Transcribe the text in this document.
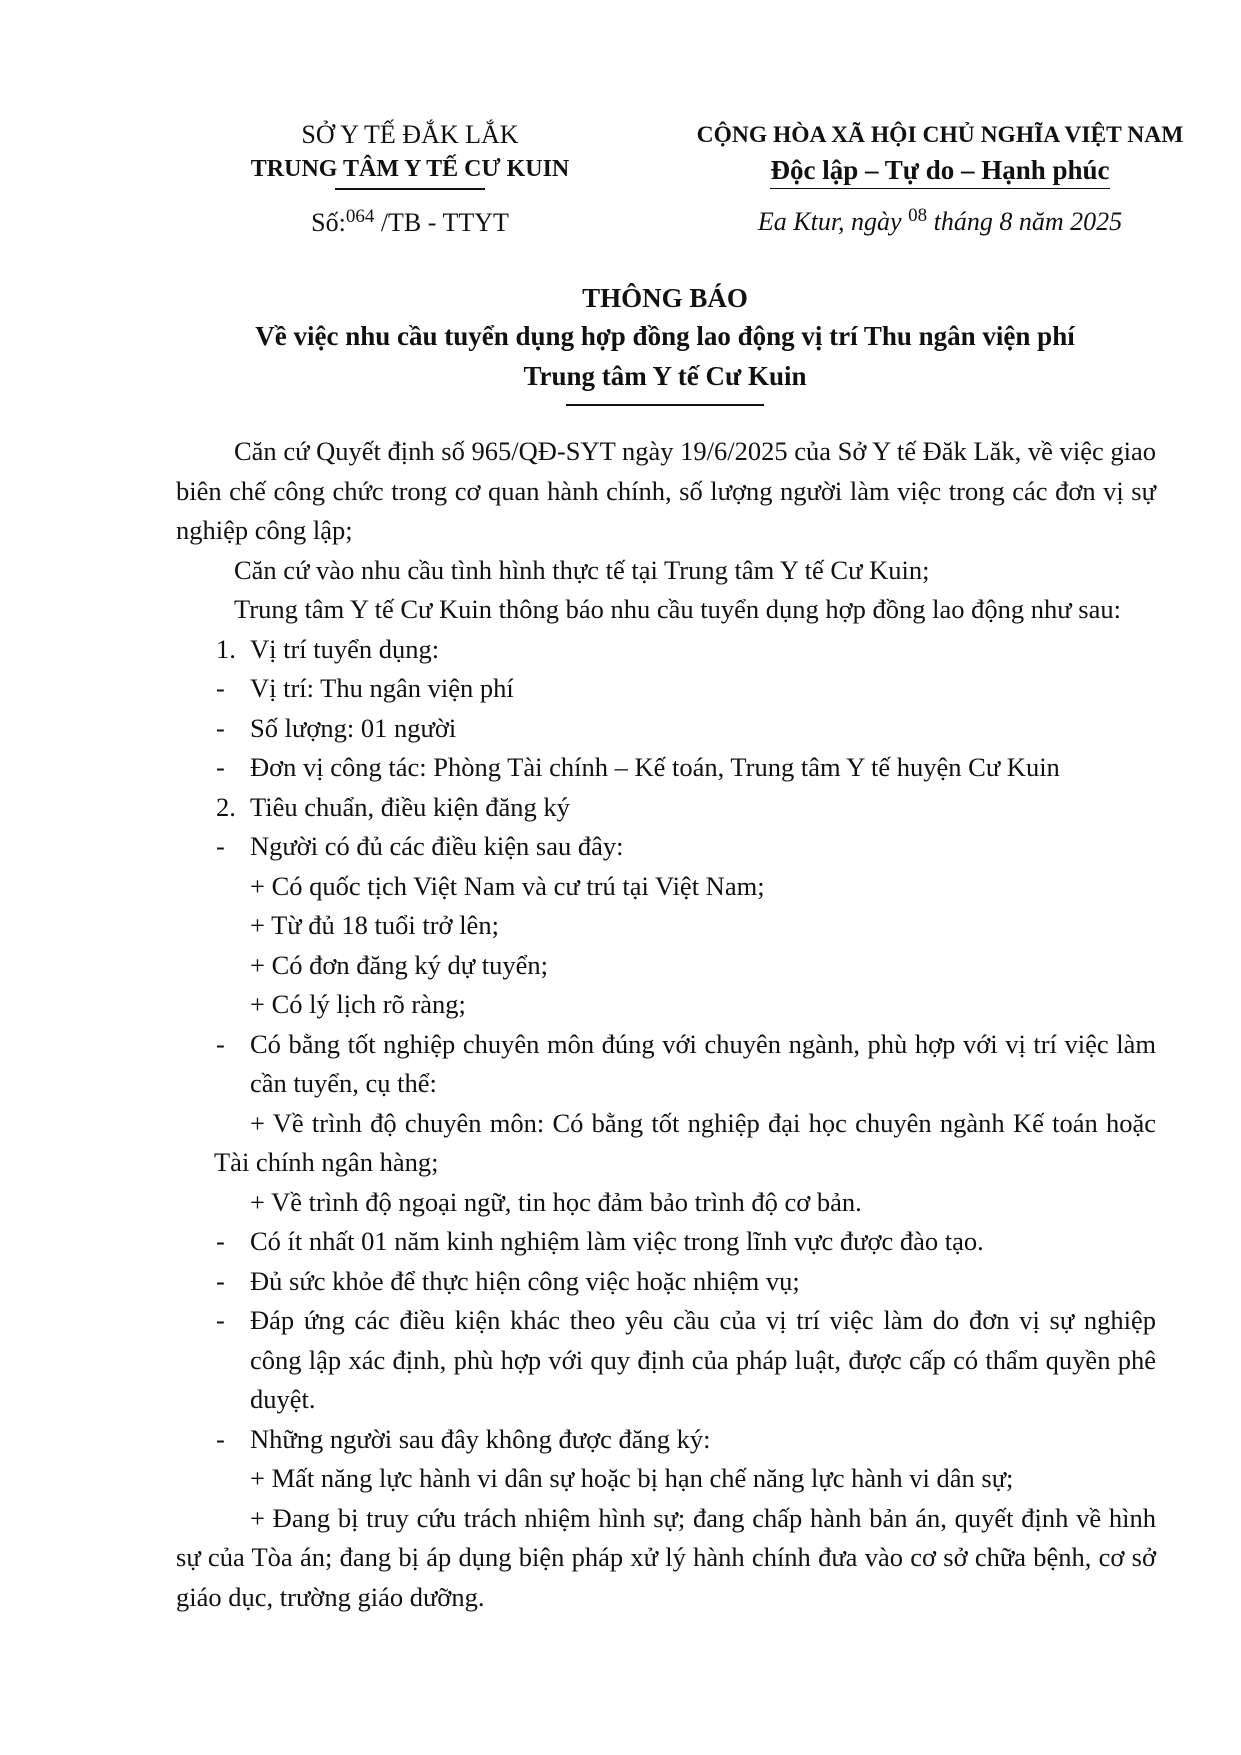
SỞ Y TẾ ĐẮK LẮK
TRUNG TÂM Y TẾ CƯ KUIN
Số:$^{064}$ /TB - TTYT
CỘNG HÒA XÃ HỘI CHỦ NGHĨA VIỆT NAM
Độc lập – Tự do – Hạnh phúc
Ea Ktur, ngày $^{08}$ tháng 8 năm 2025
THÔNG BÁO
Về việc nhu cầu tuyển dụng hợp đồng lao động vị trí Thu ngân viện phí
Trung tâm Y tế Cư Kuin
Căn cứ Quyết định số 965/QĐ-SYT ngày 19/6/2025 của Sở Y tế Đăk Lăk, về việc giao biên chế công chức trong cơ quan hành chính, số lượng người làm việc trong các đơn vị sự nghiệp công lập;
Căn cứ vào nhu cầu tình hình thực tế tại Trung tâm Y tế Cư Kuin;
Trung tâm Y tế Cư Kuin thông báo nhu cầu tuyển dụng hợp đồng lao động như sau:
1. Vị trí tuyển dụng:
- Vị trí: Thu ngân viện phí
- Số lượng: 01 người
- Đơn vị công tác: Phòng Tài chính – Kế toán, Trung tâm Y tế huyện Cư Kuin
2. Tiêu chuẩn, điều kiện đăng ký
- Người có đủ các điều kiện sau đây:
+ Có quốc tịch Việt Nam và cư trú tại Việt Nam;
+ Từ đủ 18 tuổi trở lên;
+ Có đơn đăng ký dự tuyển;
+ Có lý lịch rõ ràng;
- Có bằng tốt nghiệp chuyên môn đúng với chuyên ngành, phù hợp với vị trí việc làm cần tuyển, cụ thể:
+ Về trình độ chuyên môn: Có bằng tốt nghiệp đại học chuyên ngành Kế toán hoặc Tài chính ngân hàng;
+ Về trình độ ngoại ngữ, tin học đảm bảo trình độ cơ bản.
- Có ít nhất 01 năm kinh nghiệm làm việc trong lĩnh vực được đào tạo.
- Đủ sức khỏe để thực hiện công việc hoặc nhiệm vụ;
- Đáp ứng các điều kiện khác theo yêu cầu của vị trí việc làm do đơn vị sự nghiệp công lập xác định, phù hợp với quy định của pháp luật, được cấp có thẩm quyền phê duyệt.
- Những người sau đây không được đăng ký:
+ Mất năng lực hành vi dân sự hoặc bị hạn chế năng lực hành vi dân sự;
+ Đang bị truy cứu trách nhiệm hình sự; đang chấp hành bản án, quyết định về hình sự của Tòa án; đang bị áp dụng biện pháp xử lý hành chính đưa vào cơ sở chữa bệnh, cơ sở giáo dục, trường giáo dưỡng.
